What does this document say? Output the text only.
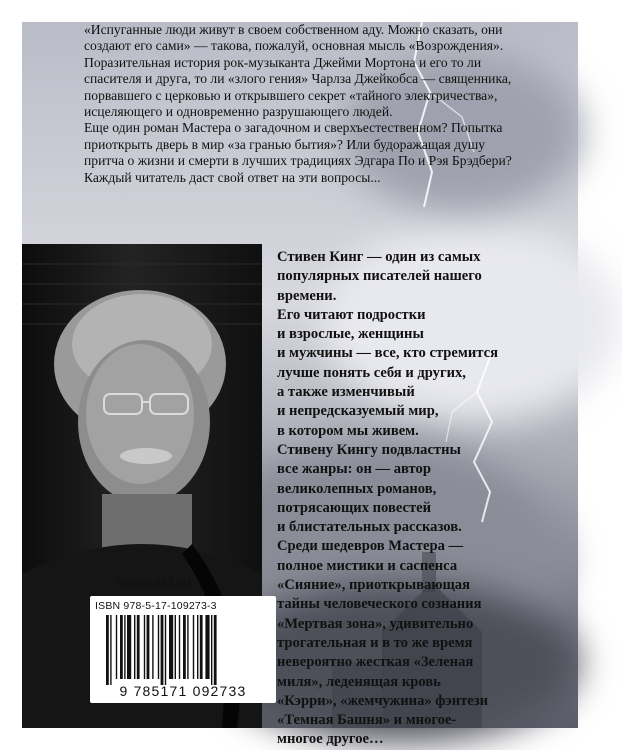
«Испуганные люди живут в своем собственном аду. Можно сказать, они создают его сами» — такова, пожалуй, основная мысль «Возрождения».

Поразительная история рок-музыканта Джейми Мортона и его то ли спасителя и друга, то ли «злого гения» Чарлза Джейкобса — священника, порвавшего с церковью и открывшего секрет «тайного электричества», исцеляющего и одновременно разрушающего людей.

Еще один роман Мастера о загадочном и сверхъестественном? Попытка приоткрыть дверь в мир «за гранью бытия»? Или будоражащая душу притча о жизни и смерти в лучших традициях Эдгара По и Рэя Брэдбери? Каждый читатель даст свой ответ на эти вопросы...

Стивен Кинг — один из самых
популярных писателей нашего
времени.
Его читают подростки
и взрослые, женщины
и мужчины — все, кто стремится
лучше понять себя и других,
а также изменчивый
и непредсказуемый мир,
в котором мы живем.
Стивену Кингу подвластны
все жанры: он — автор
великолепных романов,
потрясающих повестей
и блистательных рассказов.
Среди шедевров Мастера —
полное мистики и саспенса
«Сияние», приоткрывающая
тайны человеческого сознания
«Мертвая зона», удивительно
трогательная и в то же время
невероятно жесткая «Зеленая
миля», леденящая кровь
«Кэрри», «жемчужина» фэнтези
«Темная Башня» и многое-
многое другое…
www.ast.ru
ISBN 978-5-17-109273-3
9 785171 092733
